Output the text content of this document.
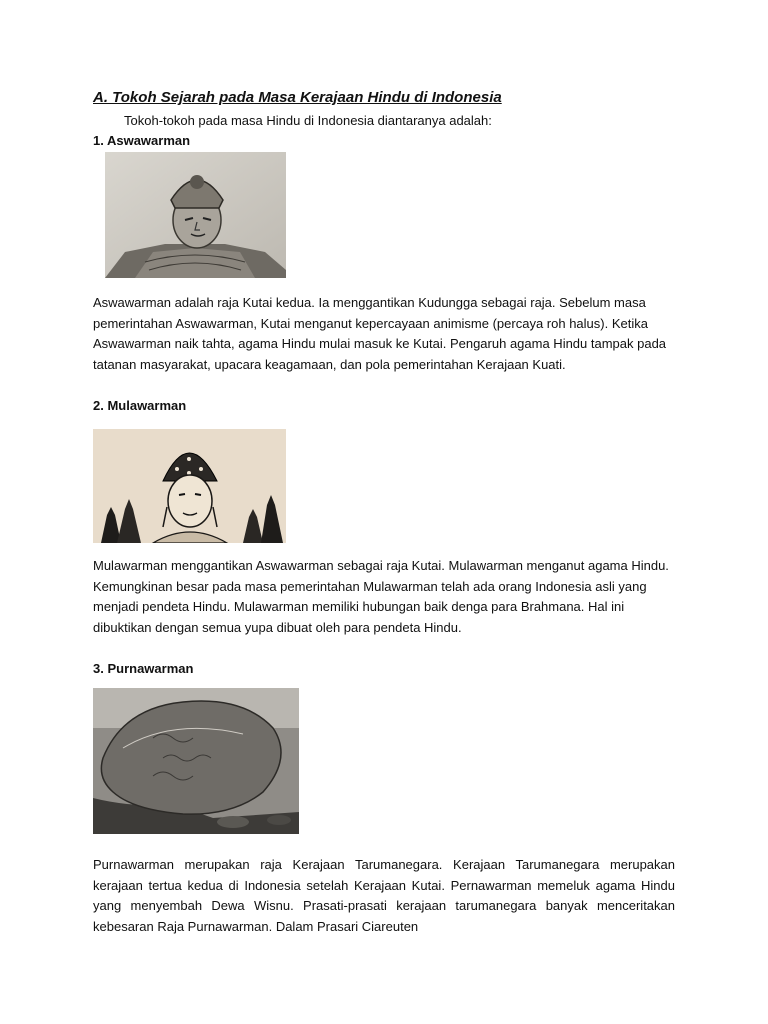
A. Tokoh Sejarah pada Masa Kerajaan Hindu di Indonesia
Tokoh-tokoh pada masa Hindu di Indonesia diantaranya adalah:
1. Aswawarman
Aswawarman adalah raja Kutai kedua. Ia menggantikan Kudungga sebagai raja. Sebelum masa pemerintahan Aswawarman, Kutai menganut kepercayaan animisme (percaya roh halus). Ketika Aswawarman naik tahta, agama Hindu mulai masuk ke Kutai. Pengaruh agama Hindu tampak pada tatanan masyarakat, upacara keagamaan, dan pola pemerintahan Kerajaan Kuati.
2. Mulawarman
Mulawarman menggantikan Aswawarman sebagai raja Kutai. Mulawarman menganut agama Hindu. Kemungkinan besar pada masa pemerintahan Mulawarman telah ada orang Indonesia asli yang menjadi pendeta Hindu. Mulawarman memiliki hubungan baik denga para Brahmana. Hal ini dibuktikan dengan semua yupa dibuat oleh para pendeta Hindu.
3. Purnawarman
Purnawarman merupakan raja Kerajaan Tarumanegara. Kerajaan Tarumanegara merupakan kerajaan tertua kedua di Indonesia setelah Kerajaan Kutai. Pernawarman memeluk agama Hindu yang menyembah Dewa Wisnu. Prasati-prasati kerajaan tarumanegara banyak menceritakan kebesaran Raja Purnawarman. Dalam Prasari Ciareuten
